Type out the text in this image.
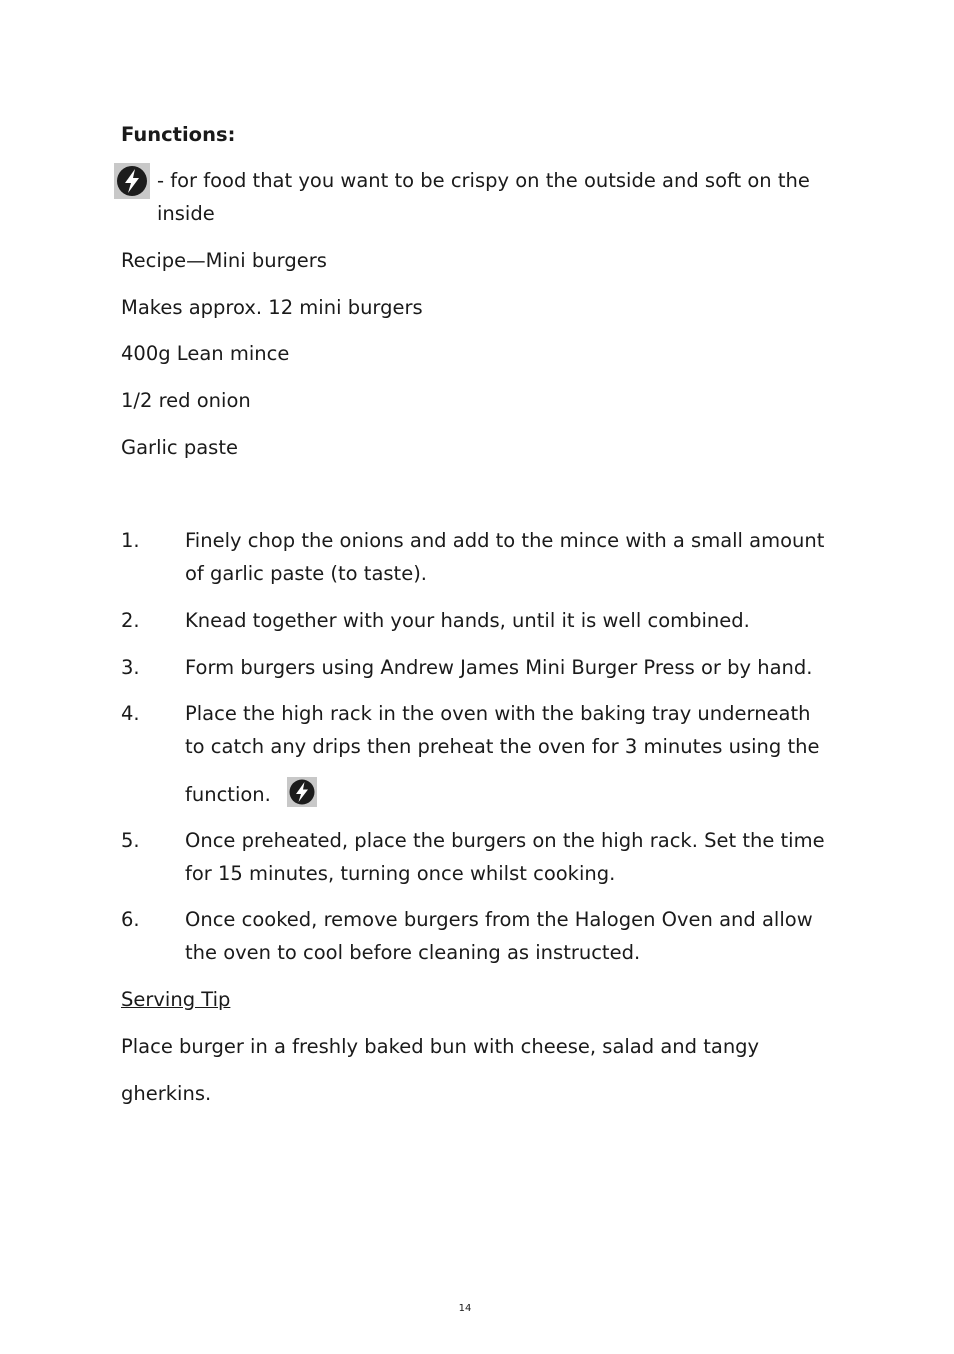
Functions:

- for food that you want to be crispy on the outside and soft on the inside

Recipe—Mini burgers

Makes approx. 12 mini burgers

400g Lean mince

1/2 red onion

Garlic paste

1. Finely chop the onions and add to the mince with a small amount of garlic paste (to taste).

2. Knead together with your hands, until it is well combined.

3. Form burgers using Andrew James Mini Burger Press or by hand.

4. Place the high rack in the oven with the baking tray underneath to catch any drips then preheat the oven for 3 minutes using the

function.

5. Once preheated, place the burgers on the high rack. Set the time for 15 minutes, turning once whilst cooking.

6. Once cooked, remove burgers from the Halogen Oven and allow the oven to cool before cleaning as instructed.

Serving Tip

Place burger in a freshly baked bun with cheese, salad and tangy

gherkins.

14
